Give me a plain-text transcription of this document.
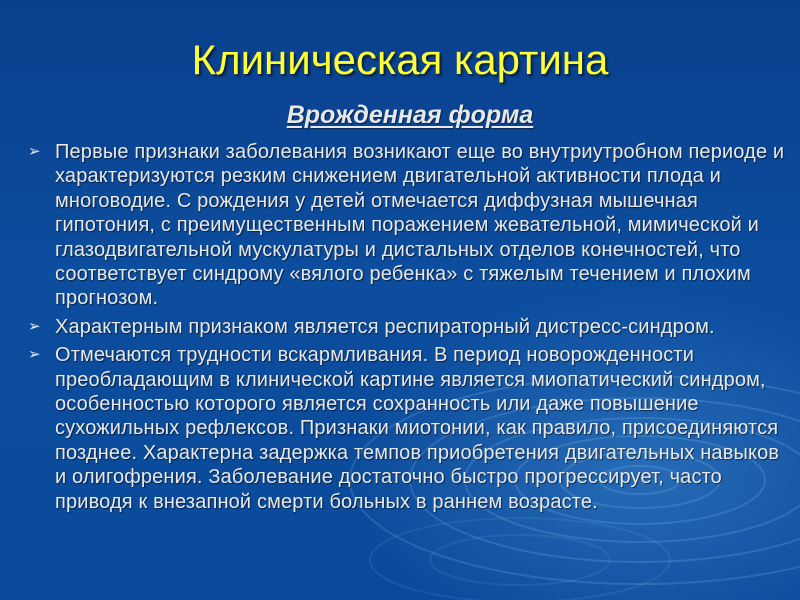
Клиническая картина
Врожденная форма
➢ Первые признаки заболевания возникают еще во внутриутробном периоде и характеризуются резким снижением двигательной активности плода и многоводие. С рождения у детей отмечается диффузная мышечная гипотония, с преимущественным поражением жевательной, мимической и глазодвигательной мускулатуры и дистальных отделов конечностей, что соответствует синдрому «вялого ребенка» с тяжелым течением и плохим прогнозом.
➢ Характерным признаком является респираторный дистресс-синдром.
➢ Отмечаются трудности вскармливания. В период новорожденности преобладающим в клинической картине является миопатический синдром, особенностью которого является сохранность или даже повышение сухожильных рефлексов. Признаки миотонии, как правило, присоединяются позднее. Характерна задержка темпов приобретения двигательных навыков и олигофрения. Заболевание достаточно быстро прогрессирует, часто приводя к внезапной смерти больных в раннем возрасте.
